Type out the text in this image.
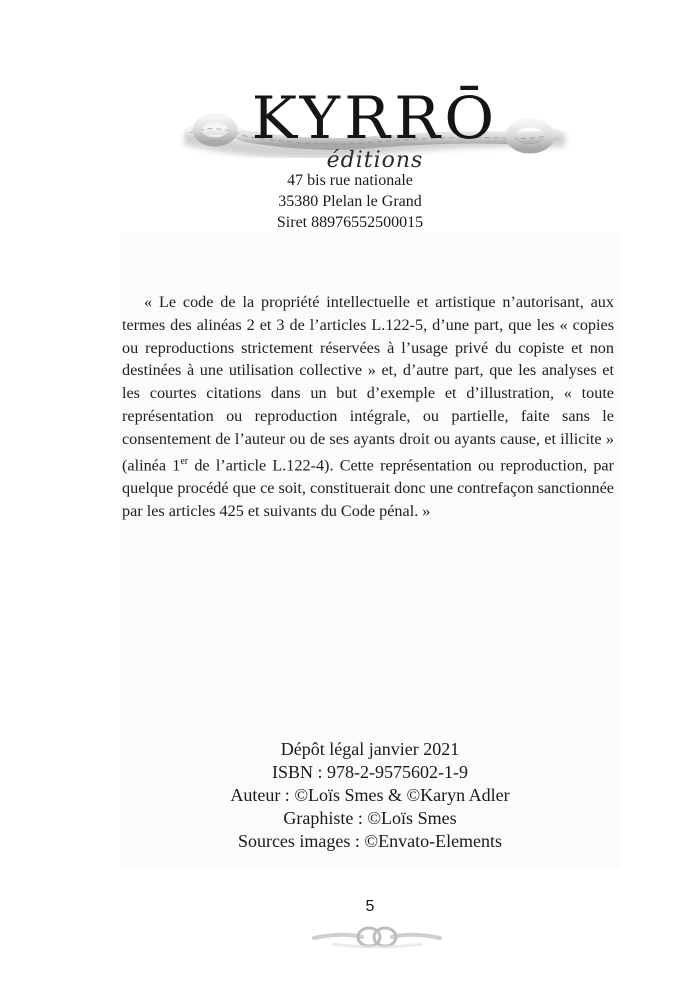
KYRRŌ
éditions
47 bis rue nationale
35380 Plelan le Grand
Siret 88976552500015

« Le code de la propriété intellectuelle et artistique n’autorisant, aux termes des alinéas 2 et 3 de l’articles L.122-5, d’une part, que les « copies ou reproductions strictement réservées à l’usage privé du copiste et non destinées à une utilisation collective » et, d’autre part, que les analyses et les courtes citations dans un but d’exemple et d’illustration, « toute représentation ou reproduction intégrale, ou partielle, faite sans le consentement de l’auteur ou de ses ayants droit ou ayants cause, et illicite » (alinéa 1er de l’article L.122-4). Cette représentation ou reproduction, par quelque procédé que ce soit, constituerait donc une contrefaçon sanctionnée par les articles 425 et suivants du Code pénal. »

Dépôt légal janvier 2021
ISBN : 978-2-9575602-1-9
Auteur : ©Loïs Smes & ©Karyn Adler
Graphiste : ©Loïs Smes
Sources images : ©Envato-Elements
5
